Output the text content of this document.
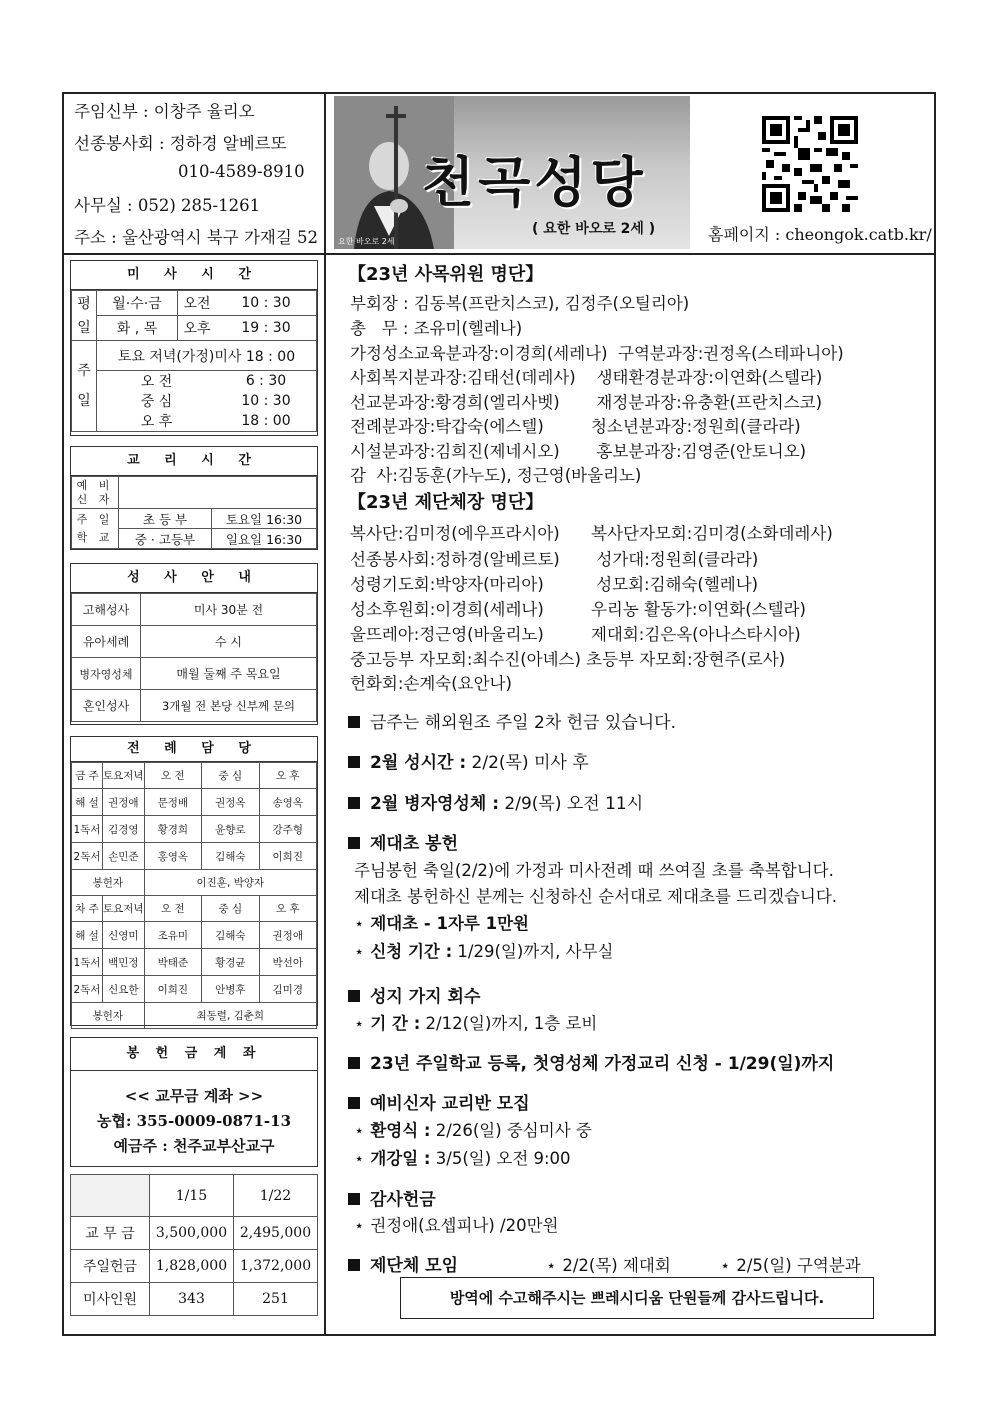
주임신부 : 이창주 율리오
선종봉사회 : 정하경 알베르또
010-4589-8910
사무실 : 052) 285-1261
주소 : 울산광역시 북구 가재길 52 요한 바오로 2세
천곡성당
( 요한 바오로 2세 )	홈페이지 : cheongok.catb.kr/
미 사 시 간
평
일	월·수·금	오전	10 : 30
	화 , 목	오후	19 : 30
주
일	토요 저녁(가정)미사 18 : 00		
	오 전		6 : 30
	중 심		10 : 30
	오 후		18 : 00
교 리 시 간
예 비 신 자		
주 일 학 교	초 등 부	토요일 16:30
	중 · 고등부	일요일 16:30
성 사 안 내
고해성사	미사 30분 전
유아세례	수 시
병자영성체	매월 둘째 주 목요일
혼인성사	3개월 전 본당 신부께 문의
전 례 담 당
금 주	토요저녁	오 전	중 심	오 후
해 설	권정애	문정배	권정옥	송영옥
1독서	김경영	황경희	윤향로	강주형
2독서	손민준	홍영옥	김해숙	이희진
봉헌자		이진훈, 박양자		
차 주	토요저녁	오 전	중 심	오 후
해 설	신영미	조유미	김해숙	권정애
1독서	백민정	박태준	황경균	박선아
2독서	신요한	이희진	안병후	김미경
봉헌자		최동렬, 김춘희		
봉 헌 금 계 좌
<< 교무금 계좌 >>
농협: 355-0009-0871-13
예금주 : 천주교부산교구
	1/15	1/22
교 무 금	3,500,000	2,495,000
주일헌금	1,828,000	1,372,000
미사인원	343	251
【23년 사목위원 명단】
부회장 : 김동복(프란치스코), 김정주(오틸리아)
총   무 : 조유미(헬레나)
가정성소교육분과장:이경희(세레나)  구역분과장:권정옥(스테파니아)
사회복지분과장:김태선(데레사)    생태환경분과장:이연화(스텔라)
선교분과장:황경희(엘리사벳)       재정분과장:유충환(프란치스코)
전례분과장:탁갑숙(에스텔)         청소년분과장:정원희(클라라)
시설분과장:김희진(제네시오)       홍보분과장:김영준(안토니오)
감  사:김동훈(가누도), 정근영(바울리노)
【23년 제단체장 명단】
복사단:김미정(에우프라시아)      복사단자모회:김미경(소화데레사)
선종봉사회:정하경(알베르토)       성가대:정원희(클라라)
성령기도회:박양자(마리아)          성모회:김해숙(헬레나)
성소후원회:이경희(세레나)         우리농 활동가:이연화(스텔라)
울뜨레아:정근영(바울리노)         제대회:김은옥(아나스타시아)
중고등부 자모회:최수진(아녜스) 초등부 자모회:장현주(로사)
헌화회:손계숙(요안나)
금주는 해외원조 주일 2차 헌금 있습니다.
2월 성시간 : 2/2(목) 미사 후
2월 병자영성체 : 2/9(목) 오전 11시
제대초 봉헌
주님봉헌 축일(2/2)에 가정과 미사전례 때 쓰여질 초를 축복합니다.
제대초 봉헌하신 분께는 신청하신 순서대로 제대초를 드리겠습니다.
⋆ 제대초 - 1자루 1만원
⋆ 신청 기간 : 1/29(일)까지, 사무실
성지 가지 회수
⋆ 기 간 : 2/12(일)까지, 1층 로비
23년 주일학교 등록, 첫영성체 가정교리 신청 - 1/29(일)까지
예비신자 교리반 모집
⋆ 환영식 : 2/26(일) 중심미사 중
⋆ 개강일 : 3/5(일) 오전 9:00
감사헌금
⋆ 권정애(요셉피나) /20만원
제단체 모임	⋆ 2/2(목) 제대회	⋆ 2/5(일) 구역분과
방역에 수고해주시는 쁘레시디움 단원들께 감사드립니다.
